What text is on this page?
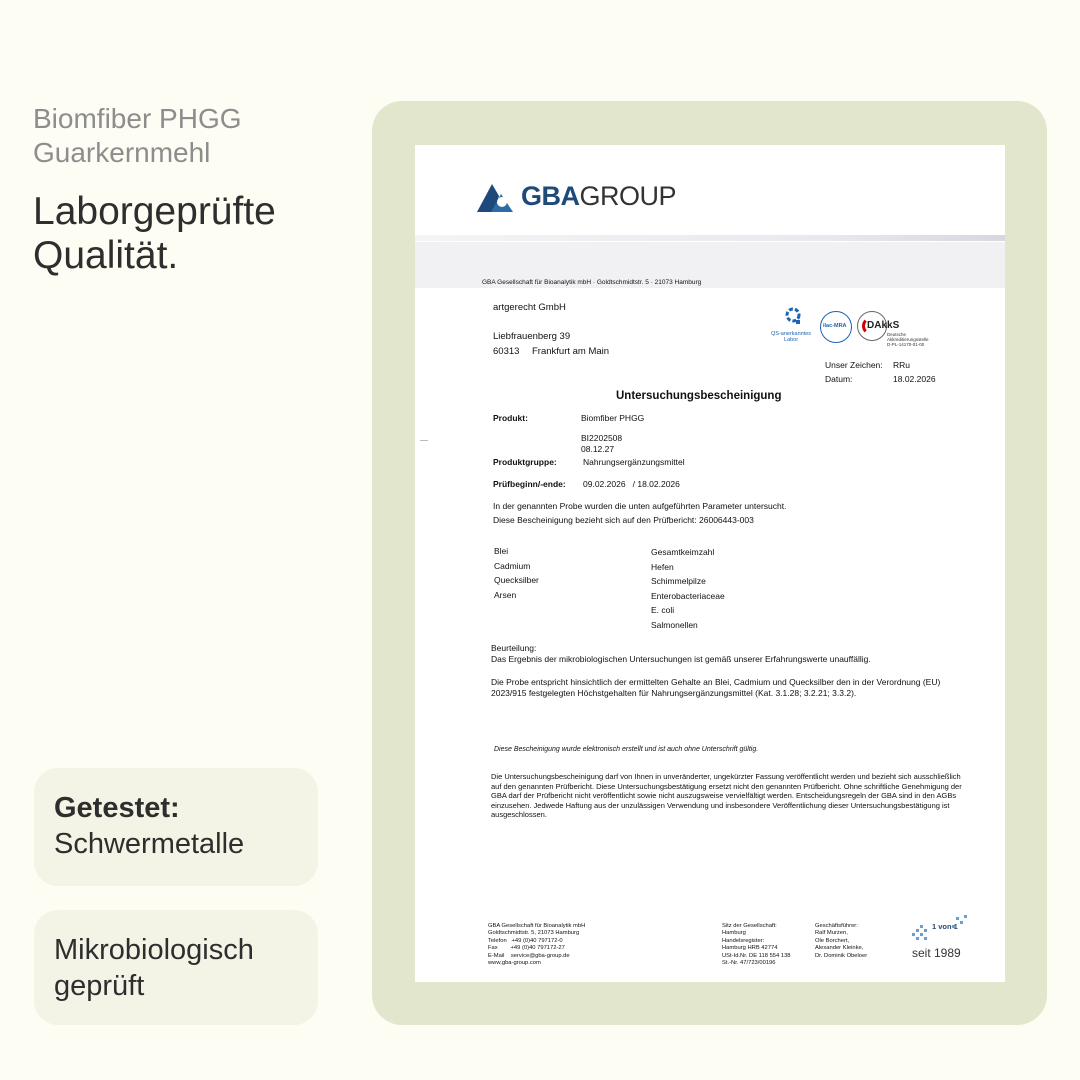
Biomfiber PHGG
Guarkernmehl
Laborgeprüfte
Qualität.
Getestet:
Schwermetalle
Mikrobiologisch
geprüft
GBAGROUP
GBA Gesellschaft für Bioanalytik mbH · Goldtschmidtstr. 5 · 21073 Hamburg
artgerecht GmbH
Liebfrauenberg 39
60313 Frankfurt am Main
QS-anerkanntes
Labor
ilac-MRA DAkkS
Deutsche
Akkreditierungsstelle
D-PL-14170-01-00
Unser Zeichen: RRu
Datum:	18.02.2026
Untersuchungsbescheinigung
Produkt:	Biomfiber PHGG
BI2202508
08.12.27
Produktgruppe:	Nahrungsergänzungsmittel
Prüfbeginn/-ende: 09.02.2026   / 18.02.2026
In der genannten Probe wurden die unten aufgeführten Parameter untersucht.
Diese Bescheinigung bezieht sich auf den Prüfbericht: 26006443-003
Blei
Cadmium
Quecksilber
Arsen
Gesamtkeimzahl
Hefen
Schimmelpilze
Enterobacteriaceae
E. coli
Salmonellen
Beurteilung:
Das Ergebnis der mikrobiologischen Untersuchungen ist gemäß unserer Erfahrungswerte unauffällig.
Die Probe entspricht hinsichtlich der ermittelten Gehalte an Blei, Cadmium und Quecksilber den in der Verordnung (EU) 2023/915 festgelegten Höchstgehalten für Nahrungsergänzungsmittel (Kat. 3.1.28; 3.2.21; 3.3.2).
Diese Bescheinigung wurde elektronisch erstellt und ist auch ohne Unterschrift gültig.
Die Untersuchungsbescheinigung darf von Ihnen in unveränderter, ungekürzter Fassung veröffentlicht werden und bezieht sich ausschließlich auf den genannten Prüfbericht. Diese Untersuchungsbestätigung ersetzt nicht den genannten Prüfbericht. Ohne schriftliche Genehmigung der GBA darf der Prüfbericht nicht veröffentlicht sowie nicht auszugsweise vervielfältigt werden. Entscheidungsregeln der GBA sind in den AGBs einzusehen. Jedwede Haftung aus der unzulässigen Verwendung und insbesondere Veröffentlichung dieser Untersuchungsbestätigung ist ausgeschlossen.
GBA Gesellschaft für Bioanalytik mbH
Goldtschmidtstr. 5, 21073 Hamburg
Telefon   +49 (0)40 797172-0
Fax        +49 (0)40 797172-27
E-Mail    service@gba-group.de
www.gba-group.com
Sitz der Gesellschaft:
Hamburg
Handelsregister:
Hamburg HRB 42774
USt-Id.Nr. DE 118 554 138
St.-Nr. 47/723/00196
Geschäftsführer:
Ralf Murzen,
Ole Borchert,
Alexander Kleinke,
Dr. Dominik Obeloer
1 von 1
seit 1989
